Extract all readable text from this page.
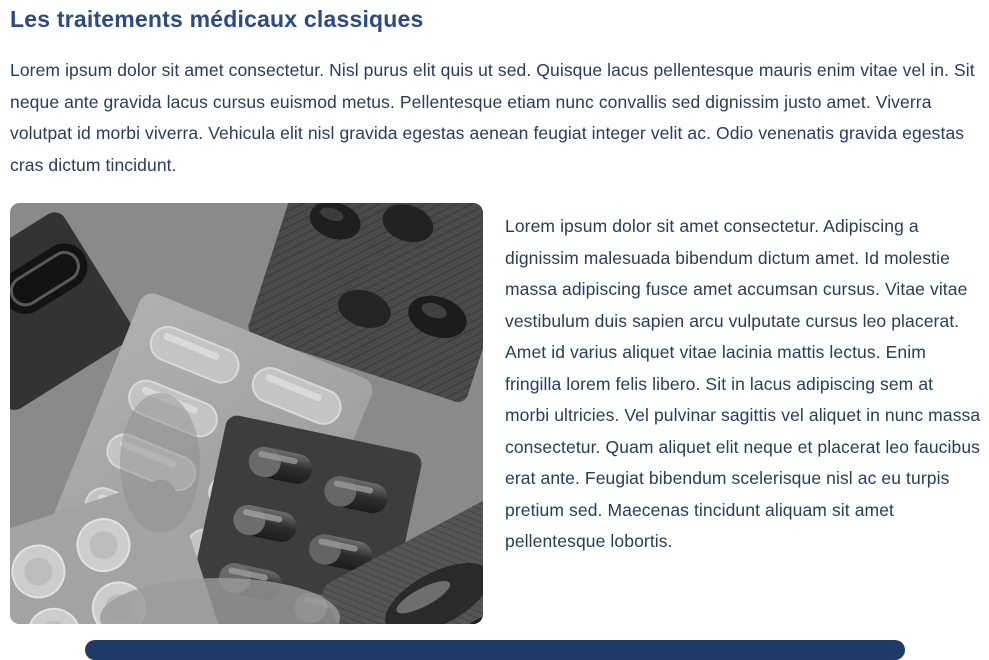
Les traitements médicaux classiques

Lorem ipsum dolor sit amet consectetur. Nisl purus elit quis ut sed. Quisque lacus pellentesque mauris enim vitae vel in. Sit neque ante gravida lacus cursus euismod metus. Pellentesque etiam nunc convallis sed dignissim justo amet. Viverra volutpat id morbi viverra. Vehicula elit nisl gravida egestas aenean feugiat integer velit ac. Odio venenatis gravida egestas cras dictum tincidunt.

Lorem ipsum dolor sit amet consectetur. Adipiscing a dignissim malesuada bibendum dictum amet. Id molestie massa adipiscing fusce amet accumsan cursus. Vitae vitae vestibulum duis sapien arcu vulputate cursus leo placerat. Amet id varius aliquet vitae lacinia mattis lectus. Enim fringilla lorem felis libero. Sit in lacus adipiscing sem at morbi ultricies. Vel pulvinar sagittis vel aliquet in nunc massa consectetur. Quam aliquet elit neque et placerat leo faucibus erat ante. Feugiat bibendum scelerisque nisl ac eu turpis pretium sed. Maecenas tincidunt aliquam sit amet pellentesque lobortis.
